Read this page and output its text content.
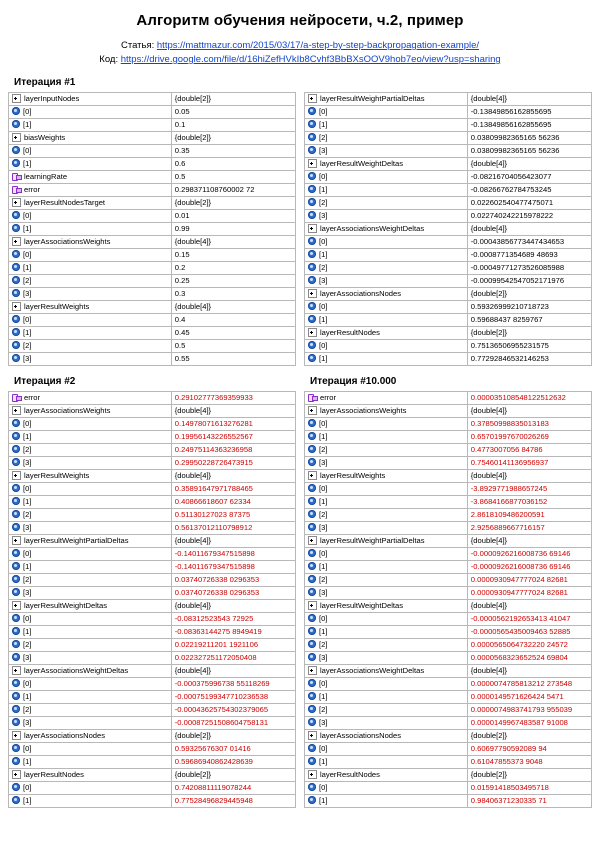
Алгоритм обучения нейросети, ч.2, пример
Статья: https://mattmazur.com/2015/03/17/a-step-by-step-backpropagation-example/
Код: https://drive.google.com/file/d/16hiZefHVkIb8Cvhf3BbBXsOOV9hob7eo/view?usp=sharing
Итерация #1
layerInputNodes	{double[2]}
[0]	0.05
[1]	0.1
biasWeights	{double[2]}
[0]	0.35
[1]	0.6
learningRate	0.5
error	0.298371108760002 72
layerResultNodesTarget	{double[2]}
[0]	0.01
[1]	0.99
layerAssociationsWeights	{double[4]}
[0]	0.15
[1]	0.2
[2]	0.25
[3]	0.3
layerResultWeights	{double[4]}
[0]	0.4
[1]	0.45
[2]	0.5
[3]	0.55
layerResultWeightPartialDeltas	{double[4]}
[0]	-0.13849856162855695
[1]	-0.13849856162855695
[2]	0.03809982365165 56236
[3]	0.03809982365165 56236
layerResultWeightDeltas	{double[4]}
[0]	-0.08216704056423077
[1]	-0.08266762784753245
[2]	0.022602540477475071
[3]	0.022740242215978222
layerAssociationsWeightDeltas	{double[4]}
[0]	-0.00043856773447434653
[1]	-0.0008771354689 48693
[2]	-0.00049771273526085988
[3]	-0.00099542547052171976
layerAssociationsNodes	{double[2]}
[0]	0.59326999210718723
[1]	0.59688437 8259767
layerResultNodes	{double[2]}
[0]	0.75136506955231575
[1]	0.77292846532146253
Итерация #2	Итерация #10.000
error	0.29102777369359933
layerAssociationsWeights	{double[4]}
[0]	0.14978071613276281
[1]	0.19956143226552567
[2]	0.24975114363236958
[3]	0.29950228726473915
layerResultWeights	{double[4]}
[0]	0.35891647971788465
[1]	0.40866618607 62334
[2]	0.51130127023 87375
[3]	0.56137012110798912
layerResultWeightPartialDeltas	{double[4]}
[0]	-0.14011679347515898
[1]	-0.14011679347515898
[2]	0.03740726338 0296353
[3]	0.03740726338 0296353
layerResultWeightDeltas	{double[4]}
[0]	-0.08312523543 72925
[1]	-0.08363144275 8949419
[2]	0.02219211201 1921106
[3]	0.022327251172050408
layerAssociationsWeightDeltas	{double[4]}
[0]	-0.000375996738 55118269
[1]	-0.00075199347710236538
[2]	-0.00043625754302379065
[3]	-0.00087251508604758131
layerAssociationsNodes	{double[2]}
[0]	0.59325676307 01416
[1]	0.59686940862428639
layerResultNodes	{double[2]}
[0]	0.74208811119078244
[1]	0.77528496829445948
error	0.000035108548122512632
layerAssociationsWeights	{double[4]}
[0]	0.37850998835013183
[1]	0.65701997670026269
[2]	0.4773007056 84786
[3]	0.75460141136956937
layerResultWeights	{double[4]}
[0]	-3.8929771988657245
[1]	-3.8684166877036152
[2]	2.8618109486200591
[3]	2.9256889667716157
layerResultWeightPartialDeltas	{double[4]}
[0]	-0.0000926216008736 69146
[1]	-0.0000926216008736 69146
[2]	0.0000930947777024 82681
[3]	0.0000930947777024 82681
layerResultWeightDeltas	{double[4]}
[0]	-0.0000562192653413 41047
[1]	-0.0000565435009463 52885
[2]	0.0000565064732220 24572
[3]	0.0000568323652524 69804
layerAssociationsWeightDeltas	{double[4]}
[0]	0.0000074785813212 273548
[1]	0.0000149571626424 5471
[2]	0.0000074983741793 955039
[3]	0.0000149967483587 91008
layerAssociationsNodes	{double[2]}
[0]	0.60697790592089 94
[1]	0.61047855373 9048
layerResultNodes	{double[2]}
[0]	0.01591418503495718
[1]	0.98406371230335 71
